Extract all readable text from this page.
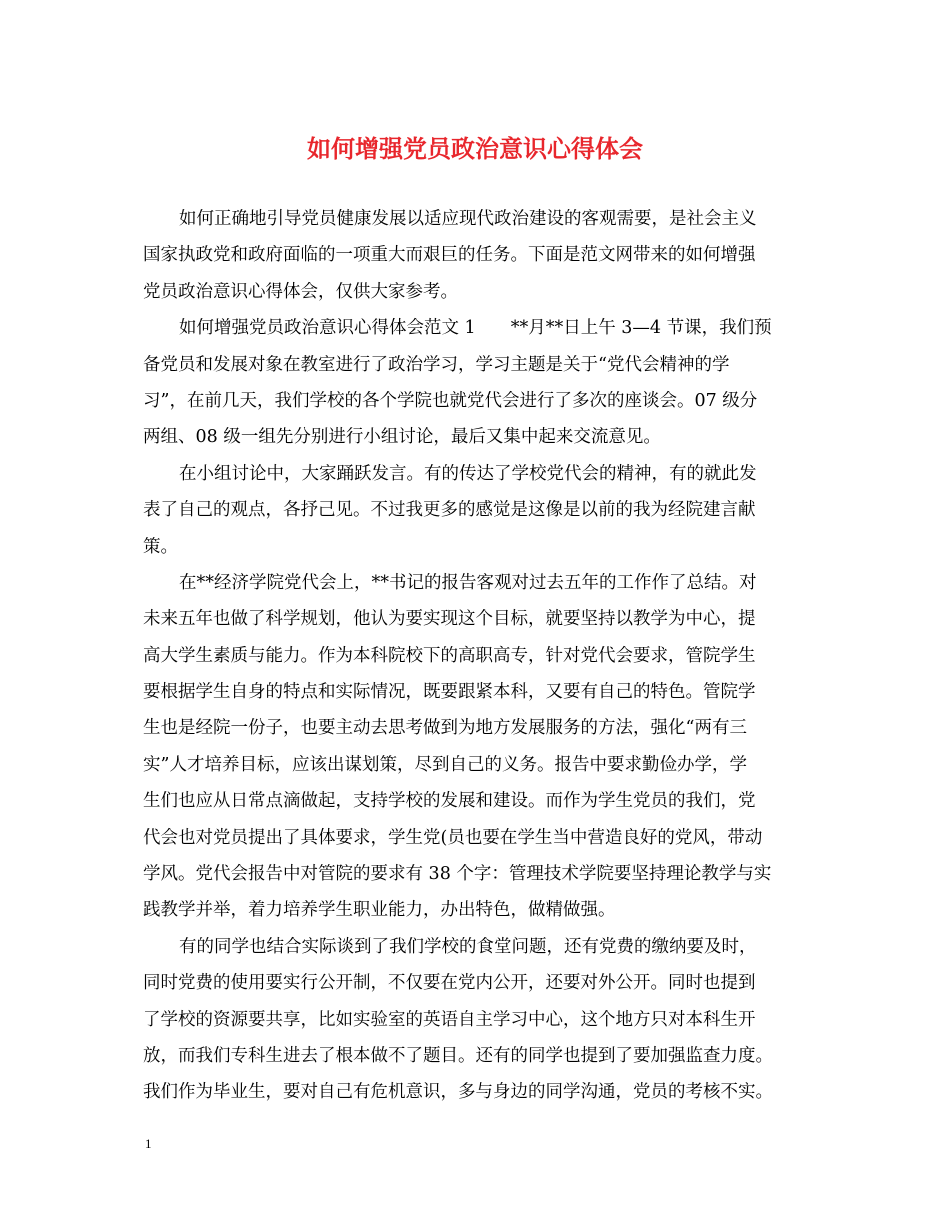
如何增强党员政治意识心得体会
如何正确地引导党员健康发展以适应现代政治建设的客观需要，是社会主义
国家执政党和政府面临的一项重大而艰巨的任务。下面是范文网带来的如何增强
党员政治意识心得体会，仅供大家参考。
如何增强党员政治意识心得体会范文 1　　**月**日上午 3—4 节课，我们预
备党员和发展对象在教室进行了政治学习，学习主题是关于“党代会精神的学
习”，在前几天，我们学校的各个学院也就党代会进行了多次的座谈会。07 级分
两组、08 级一组先分别进行小组讨论，最后又集中起来交流意见。
在小组讨论中，大家踊跃发言。有的传达了学校党代会的精神，有的就此发
表了自己的观点，各抒己见。不过我更多的感觉是这像是以前的我为经院建言献
策。
在**经济学院党代会上，**书记的报告客观对过去五年的工作作了总结。对
未来五年也做了科学规划，他认为要实现这个目标，就要坚持以教学为中心，提
高大学生素质与能力。作为本科院校下的高职高专，针对党代会要求，管院学生
要根据学生自身的特点和实际情况，既要跟紧本科，又要有自己的特色。管院学
生也是经院一份子，也要主动去思考做到为地方发展服务的方法，强化“两有三
实”人才培养目标，应该出谋划策，尽到自己的义务。报告中要求勤俭办学，学
生们也应从日常点滴做起，支持学校的发展和建设。而作为学生党员的我们，党
代会也对党员提出了具体要求，学生党(员也要在学生当中营造良好的党风，带动
学风。党代会报告中对管院的要求有 38 个字：管理技术学院要坚持理论教学与实
践教学并举，着力培养学生职业能力，办出特色，做精做强。
有的同学也结合实际谈到了我们学校的食堂问题，还有党费的缴纳要及时，
同时党费的使用要实行公开制，不仅要在党内公开，还要对外公开。同时也提到
了学校的资源要共享，比如实验室的英语自主学习中心，这个地方只对本科生开
放，而我们专科生进去了根本做不了题目。还有的同学也提到了要加强监查力度。
我们作为毕业生，要对自己有危机意识，多与身边的同学沟通，党员的考核不实。
1
